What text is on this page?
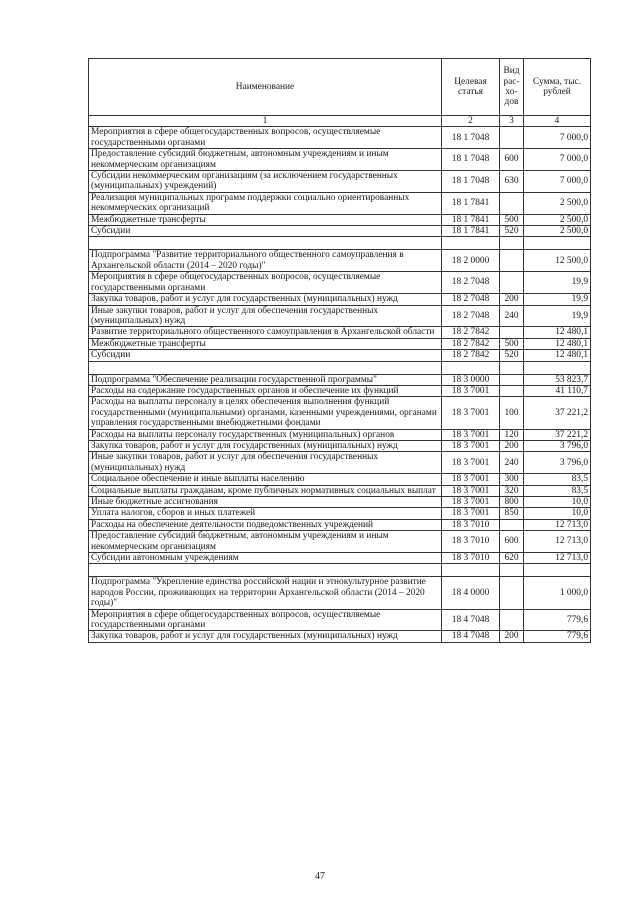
Наименование	Целевая статья	Вид рас- хо- дов	Сумма, тыс. рублей
1	2	3	4
Мероприятия в сфере общегосударственных вопросов, осуществляемые государственными органами	18 1 7048		7 000,0
Предоставление субсидий бюджетным, автономным учреждениям и иным некоммерческим организациям	18 1 7048	600	7 000,0
Субсидии некоммерческим организациям (за исключением государственных (муниципальных) учреждений)	18 1 7048	630	7 000,0
Реализация муниципальных программ поддержки социально ориентированных некоммерческих организаций	18 1 7841		2 500,0
Межбюджетные трансферты	18 1 7841	500	2 500,0
Субсидии	18 1 7841	520	2 500,0

Подпрограмма "Развитие территориального общественного самоуправления в Архангельской области (2014 – 2020 годы)"	18 2 0000		12 500,0
Мероприятия в сфере общегосударственных вопросов, осуществляемые государственными органами	18 2 7048		19,9
Закупка товаров, работ и услуг для государственных (муниципальных) нужд	18 2 7048	200	19,9
Иные закупки товаров, работ и услуг для обеспечения государственных (муниципальных) нужд	18 2 7048	240	19,9
Развитие территориального общественного самоуправления в Архангельской области	18 2 7842		12 480,1
Межбюджетные трансферты	18 2 7842	500	12 480,1
Субсидии	18 2 7842	520	12 480,1

Подпрограмма "Обеспечение реализации государственной программы"	18 3 0000		53 823,7
Расходы на содержание государственных органов и обеспечение их функций	18 3 7001		41 110,7
Расходы на выплаты персоналу в целях обеспечения выполнения функций государственными (муниципальными) органами, казенными учреждениями, органами управления государственными внебюджетными фондами	18 3 7001	100	37 221,2
Расходы на выплаты персоналу государственных (муниципальных) органов	18 3 7001	120	37 221,2
Закупка товаров, работ и услуг для государственных (муниципальных) нужд	18 3 7001	200	3 796,0
Иные закупки товаров, работ и услуг для обеспечения государственных (муниципальных) нужд	18 3 7001	240	3 796,0
Социальное обеспечение и иные выплаты населению	18 3 7001	300	83,5
Социальные выплаты гражданам, кроме публичных нормативных социальных выплат	18 3 7001	320	83,5
Иные бюджетные ассигнования	18 3 7001	800	10,0
Уплата налогов, сборов и иных платежей	18 3 7001	850	10,0
Расходы на обеспечение деятельности подведомственных учреждений	18 3 7010		12 713,0
Предоставление субсидий бюджетным, автономным учреждениям и иным некоммерческим организациям	18 3 7010	600	12 713,0
Субсидии автономным учреждениям	18 3 7010	620	12 713,0

Подпрограмма "Укрепление единства российской нации и этнокультурное развитие народов России, проживающих на территории Архангельской области (2014 – 2020 годы)"	18 4 0000		1 000,0
Мероприятия в сфере общегосударственных вопросов, осуществляемые государственными органами	18 4 7048		779,6
Закупка товаров, работ и услуг для государственных (муниципальных) нужд	18 4 7048	200	779,6
47
